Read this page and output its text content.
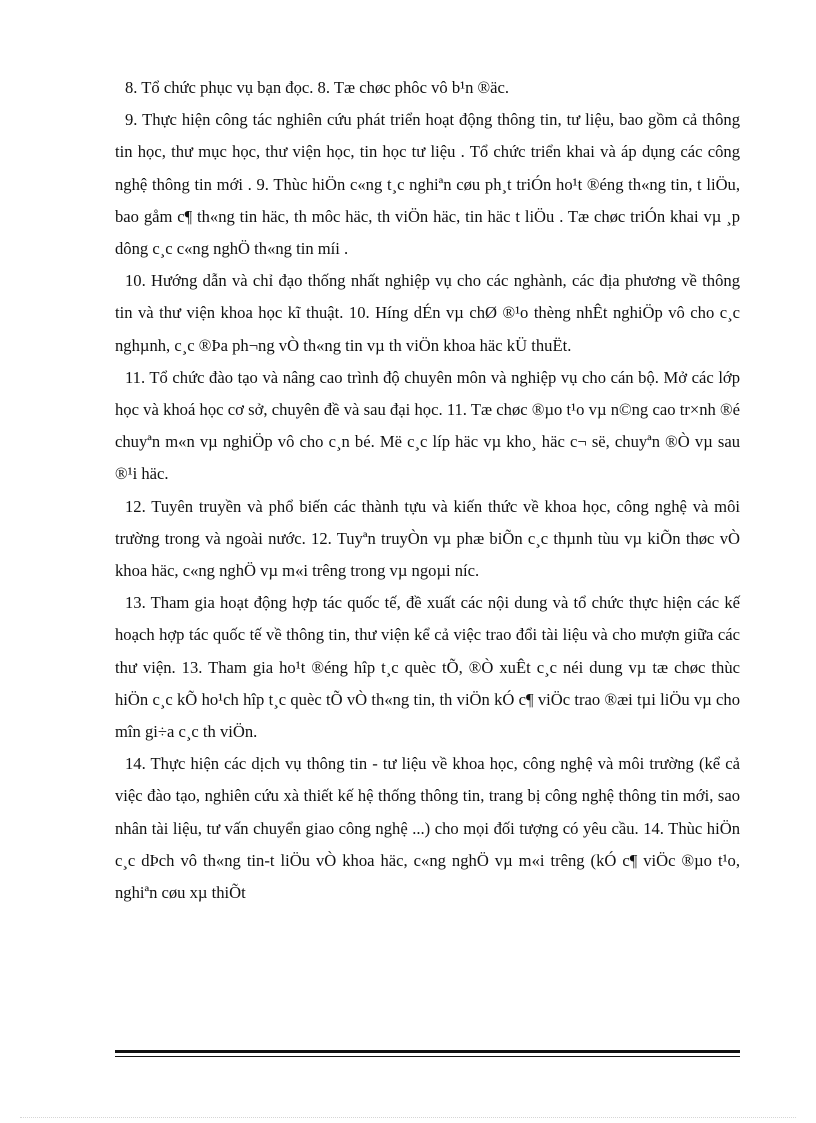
8. Tổ chức phục vụ bạn đọc. 8. Tæ chøc phôc vô b¹n ®äc.

9. Thực hiện công tác nghiên cứu phát triển hoạt động thông tin, tư liệu, bao gồm cả thông tin học, thư mục học, thư viện học, tin học tư liệu . Tổ chức triển khai và áp dụng các công nghệ thông tin mới . 9. Thùc hiÖn c«ng t¸c nghiªn cøu ph¸t triÓn ho¹t ®éng th«ng tin, t liÖu, bao gåm c¶ th«ng tin häc, th môc häc, th viÖn häc, tin häc t liÖu . Tæ chøc triÓn khai vµ ¸p dông c¸c c«ng nghÖ th«ng tin míi .

10. Hướng dẫn và chỉ đạo thống nhất nghiệp vụ cho các nghành, các địa phương về thông tin và thư viện khoa học kĩ thuật. 10. Híng dÉn vµ chØ ®¹o thèng nhÊt nghiÖp vô cho c¸c nghµnh, c¸c ®Þa ph¬ng vÒ th«ng tin vµ th viÖn khoa häc kÜ thuËt.

11. Tổ chức đào tạo và nâng cao trình độ chuyên môn và nghiệp vụ cho cán bộ. Mở các lớp học và khoá học cơ sở, chuyên đề và sau đại học. 11. Tæ chøc ®µo t¹o vµ n©ng cao tr×nh ®é chuyªn m«n vµ nghiÖp vô cho c¸n bé. Më c¸c líp häc vµ kho¸ häc c¬ së, chuyªn ®Ò vµ sau ®¹i häc.

12. Tuyên truyền và phổ biến các thành tựu và kiến thức về khoa học, công nghệ và môi trường trong và ngoài nước. 12. Tuyªn truyÒn vµ phæ biÕn c¸c thµnh tùu vµ kiÕn thøc vÒ khoa häc, c«ng nghÖ vµ m«i trêng trong vµ ngoµi níc.

13. Tham gia hoạt động hợp tác quốc tế, đề xuất các nội dung và tổ chức thực hiện các kế hoạch hợp tác quốc tế về thông tin, thư viện kể cả việc trao đổi tài liệu và cho mượn giữa các thư viện. 13. Tham gia ho¹t ®éng hîp t¸c quèc tÕ, ®Ò xuÊt c¸c néi dung vµ tæ chøc thùc hiÖn c¸c kÕ ho¹ch hîp t¸c quèc tÕ vÒ th«ng tin, th viÖn kÓ c¶ viÖc trao ®æi tµi liÖu vµ cho mîn gi÷a c¸c th viÖn.

14. Thực hiện các dịch vụ thông tin - tư liệu về khoa học, công nghệ và môi trường (kể cả việc đào tạo, nghiên cứu xà thiết kế hệ thống thông tin, trang bị công nghệ thông tin mới, sao nhân tài liệu, tư vấn chuyển giao công nghệ ...) cho mọi đối tượng có yêu cầu. 14. Thùc hiÖn c¸c dÞch vô th«ng tin-t liÖu vÒ khoa häc, c«ng nghÖ vµ m«i trêng (kÓ c¶ viÖc ®µo t¹o, nghiªn cøu xµ thiÕt
